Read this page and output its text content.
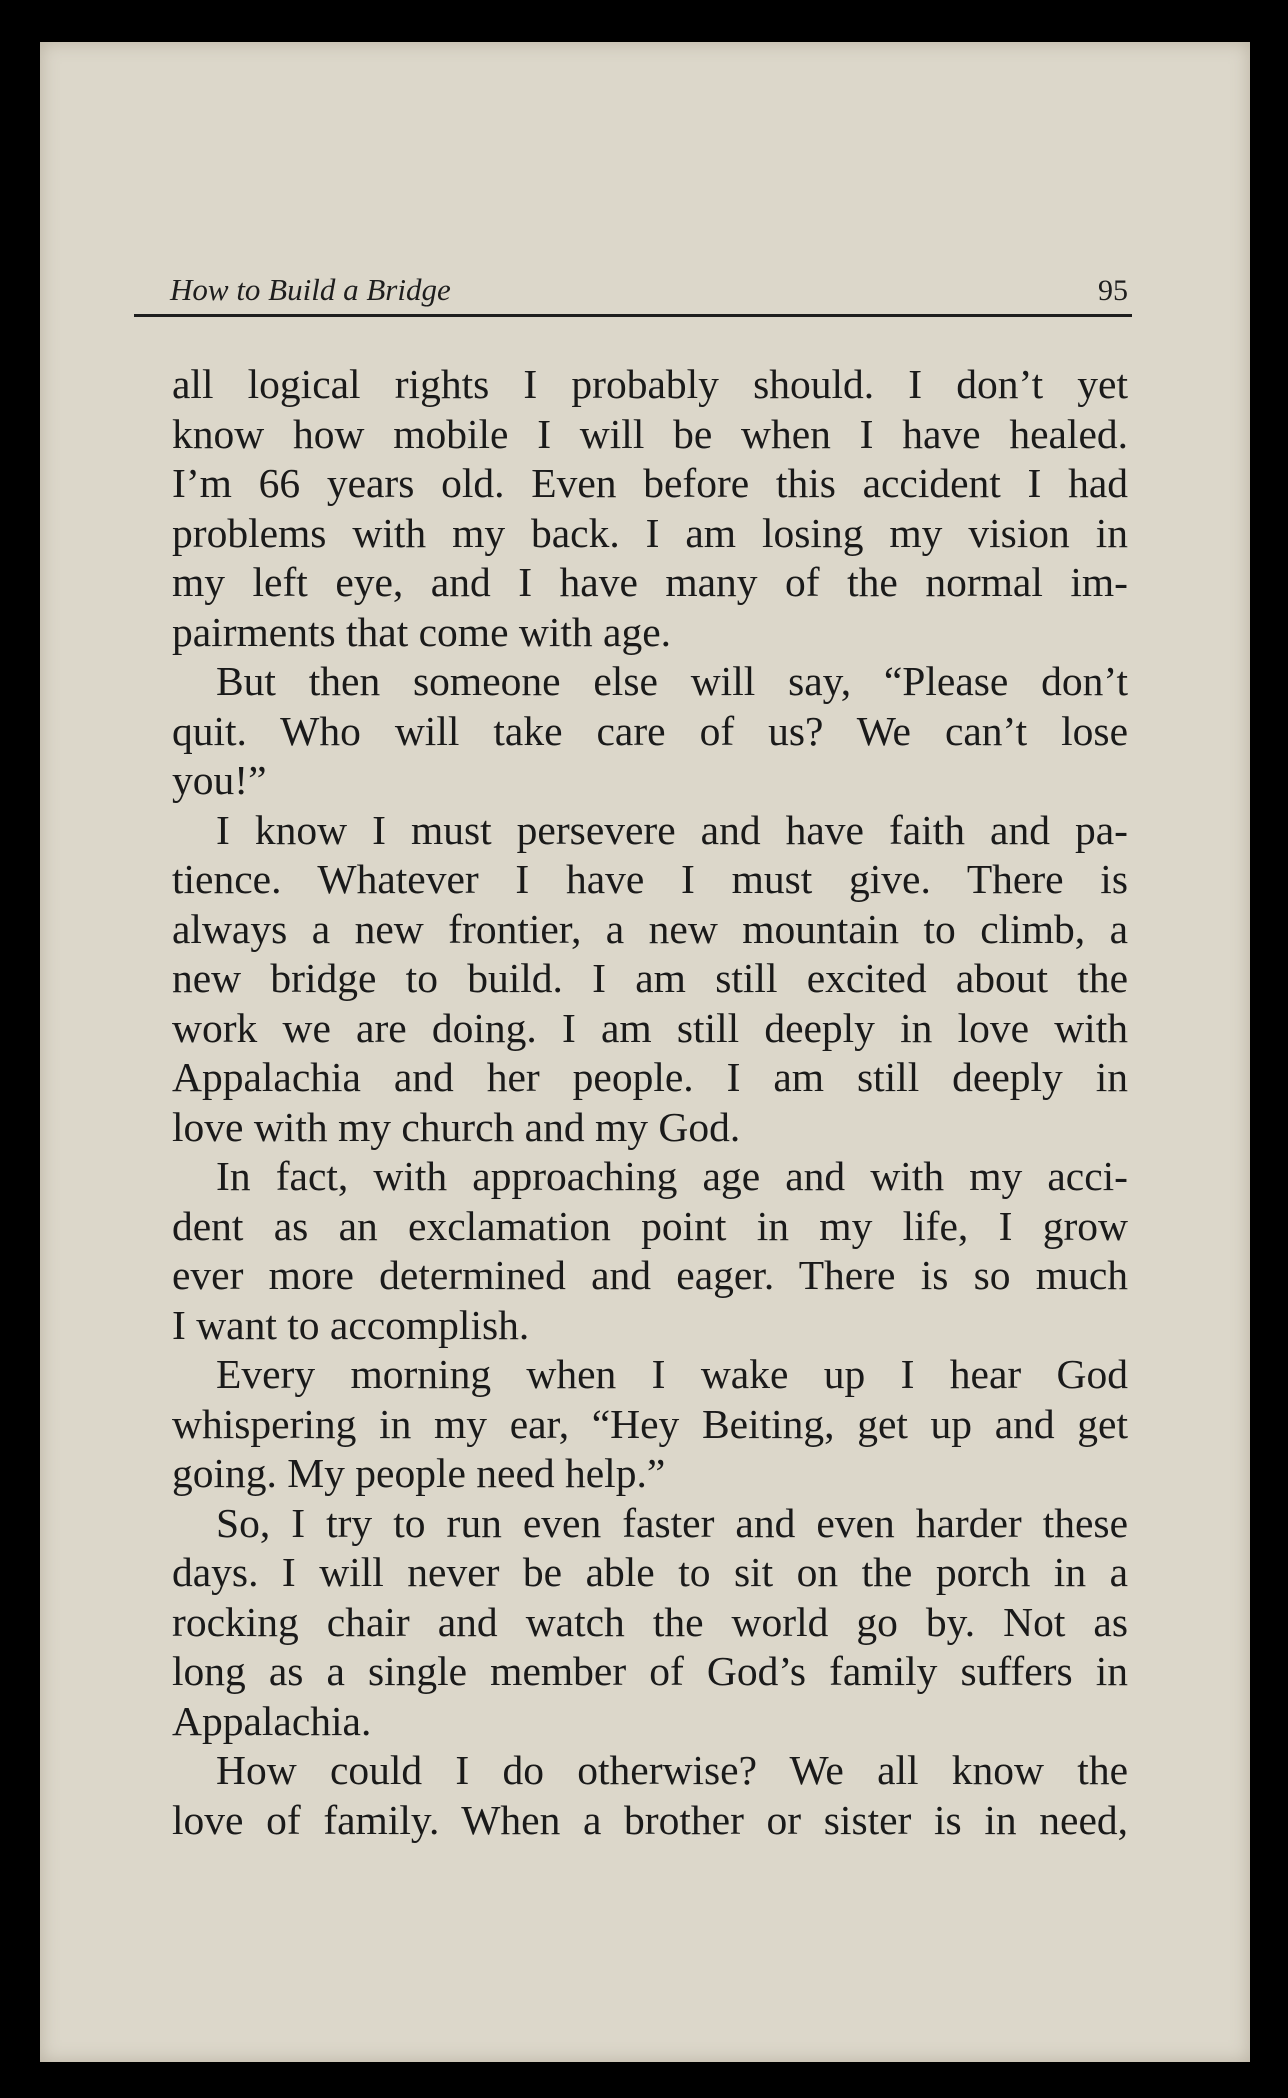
How to Build a Bridge	95
all logical rights I probably should. I don’t yet
know how mobile I will be when I have healed.
I’m 66 years old. Even before this accident I had
problems with my back. I am losing my vision in
my left eye, and I have many of the normal im-
pairments that come with age.
But then someone else will say, “Please don’t
quit. Who will take care of us? We can’t lose
you!”
I know I must persevere and have faith and pa-
tience. Whatever I have I must give. There is
always a new frontier, a new mountain to climb, a
new bridge to build. I am still excited about the
work we are doing. I am still deeply in love with
Appalachia and her people. I am still deeply in
love with my church and my God.
In fact, with approaching age and with my acci-
dent as an exclamation point in my life, I grow
ever more determined and eager. There is so much
I want to accomplish.
Every morning when I wake up I hear God
whispering in my ear, “Hey Beiting, get up and get
going. My people need help.”
So, I try to run even faster and even harder these
days. I will never be able to sit on the porch in a
rocking chair and watch the world go by. Not as
long as a single member of God’s family suffers in
Appalachia.
How could I do otherwise? We all know the
love of family. When a brother or sister is in need,
